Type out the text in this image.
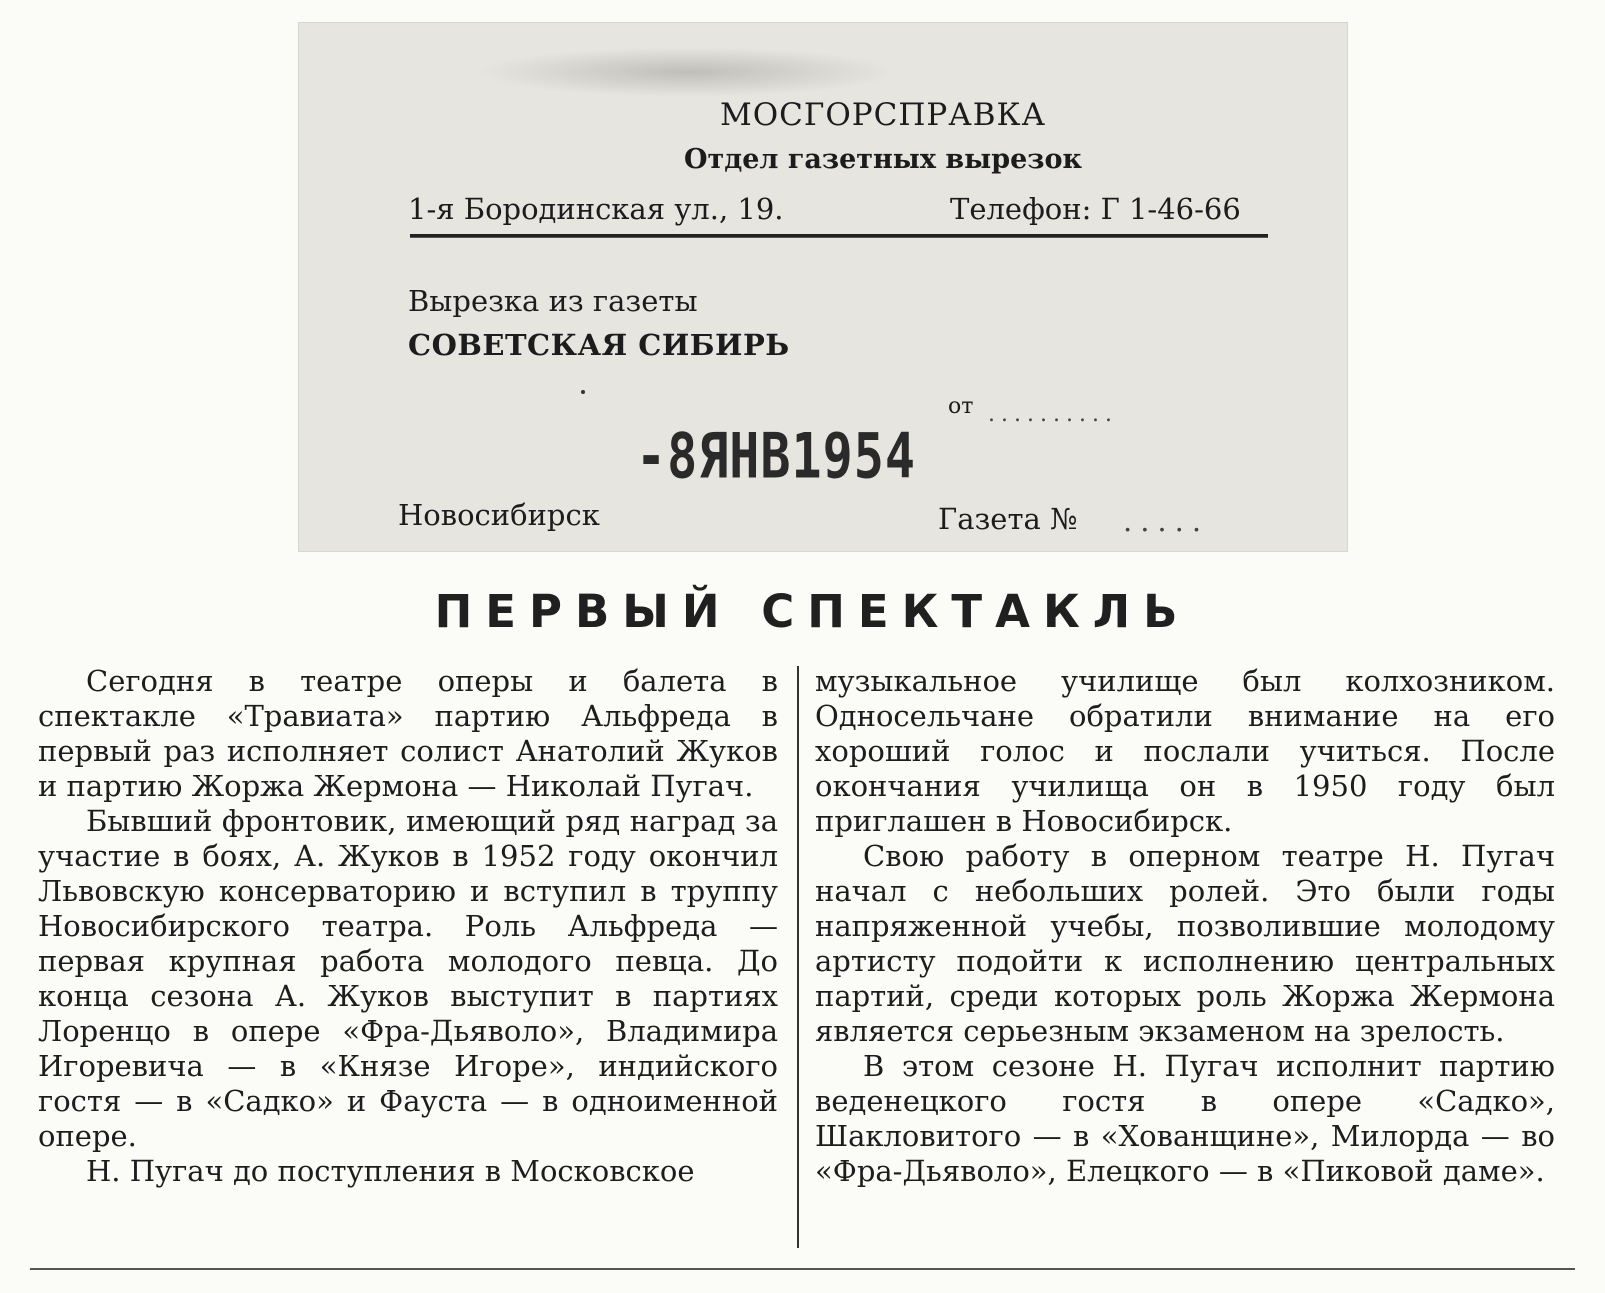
МОСГОРСПРАВКА
Отдел газетных вырезок
1-я Бородинская ул., 19.	Телефон: Г 1-46-66
Вырезка из газеты
СОВЕТСКАЯ СИБИРЬ
от ..........
-8ЯНВ1954
Новосибирск	Газета № .....
ПЕРВЫЙ СПЕКТАКЛЬ

Сегодня в театре оперы и балета в спектакле «Травиата» партию Альфреда в первый раз исполняет солист Анатолий Жуков и партию Жоржа Жермона — Николай Пугач.

Бывший фронтовик, имеющий ряд наград за участие в боях, А. Жуков в 1952 году окончил Львовскую консерваторию и вступил в труппу Новосибирского театра. Роль Альфреда — первая крупная работа молодого певца. До конца сезона А. Жуков выступит в партиях Лоренцо в опере «Фра-Дьяволо», Владимира Игоревича — в «Князе Игоре», индийского гостя — в «Садко» и Фауста — в одноименной опере.

Н. Пугач до поступления в Московское

музыкальное училище был колхозником. Односельчане обратили внимание на его хороший голос и послали учиться. После окончания училища он в 1950 году был приглашен в Новосибирск.

Свою работу в оперном театре Н. Пугач начал с небольших ролей. Это были годы напряженной учебы, позволившие молодому артисту подойти к исполнению центральных партий, среди которых роль Жоржа Жермона является серьезным экзаменом на зрелость.

В этом сезоне Н. Пугач исполнит партию веденецкого гостя в опере «Садко», Шакловитого — в «Хованщине», Милорда — во «Фра-Дьяволо», Елецкого — в «Пиковой даме».
